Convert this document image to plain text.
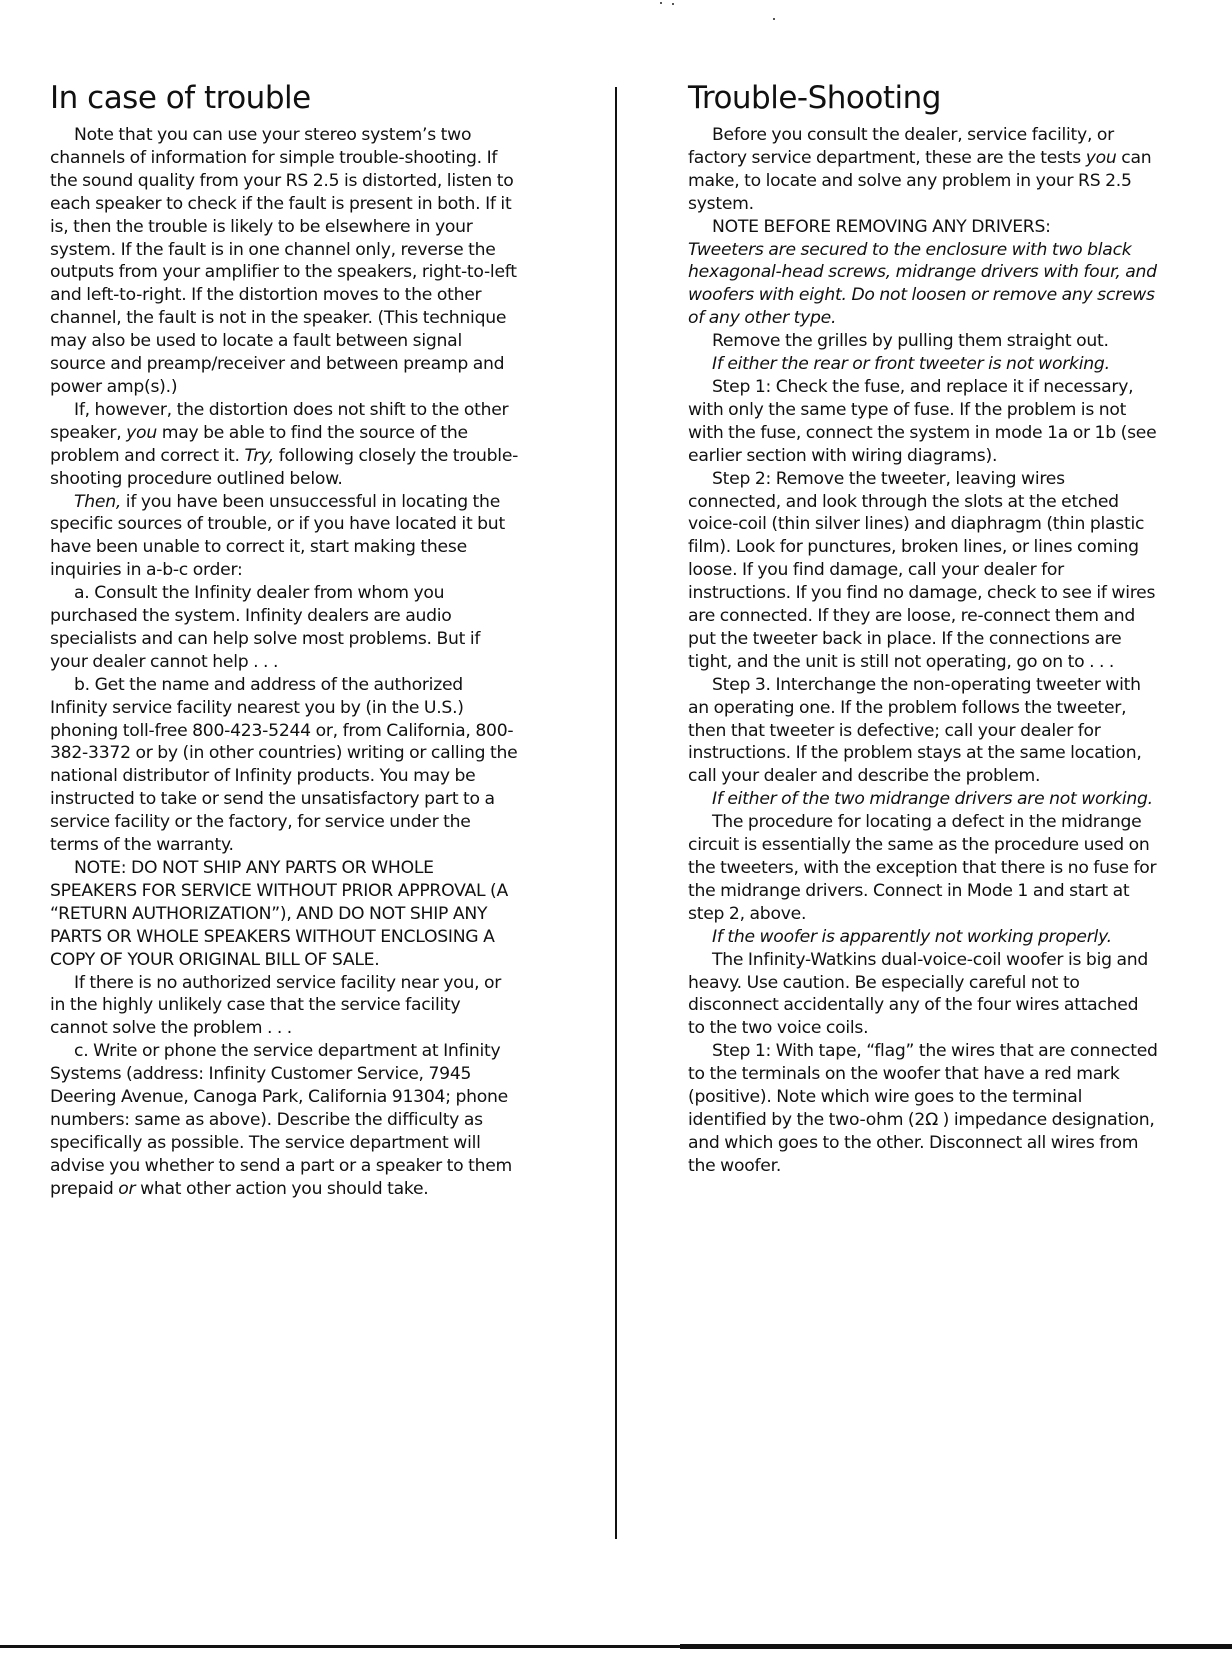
In case of trouble

Note that you can use your stereo system’s two channels of information for simple trouble-shooting. If the sound quality from your RS 2.5 is distorted, listen to each speaker to check if the fault is present in both. If it is, then the trouble is likely to be elsewhere in your system. If the fault is in one channel only, reverse the outputs from your amplifier to the speakers, right-to-left and left-to-right. If the distortion moves to the other channel, the fault is not in the speaker. (This technique may also be used to locate a fault between signal source and preamp/receiver and between preamp and power amp(s).)

If, however, the distortion does not shift to the other speaker, you may be able to find the source of the problem and correct it. Try, following closely the trouble-shooting procedure outlined below.

Then, if you have been unsuccessful in locating the specific sources of trouble, or if you have located it but have been unable to correct it, start making these inquiries in a-b-c order:

a. Consult the Infinity dealer from whom you purchased the system. Infinity dealers are audio specialists and can help solve most problems. But if your dealer cannot help . . .

b. Get the name and address of the authorized Infinity service facility nearest you by (in the U.S.) phoning toll-free 800-423-5244 or, from California, 800-382-3372 or by (in other countries) writing or calling the national distributor of Infinity products. You may be instructed to take or send the unsatisfactory part to a service facility or the factory, for service under the terms of the warranty.

NOTE: DO NOT SHIP ANY PARTS OR WHOLE SPEAKERS FOR SERVICE WITHOUT PRIOR APPROVAL (A “RETURN AUTHORIZATION”), AND DO NOT SHIP ANY PARTS OR WHOLE SPEAKERS WITHOUT ENCLOSING A COPY OF YOUR ORIGINAL BILL OF SALE.

If there is no authorized service facility near you, or in the highly unlikely case that the service facility cannot solve the problem . . .

c. Write or phone the service department at Infinity Systems (address: Infinity Customer Service, 7945 Deering Avenue, Canoga Park, California 91304; phone numbers: same as above). Describe the difficulty as specifically as possible. The service department will advise you whether to send a part or a speaker to them prepaid or what other action you should take.

Trouble-Shooting

Before you consult the dealer, service facility, or factory service department, these are the tests you can make, to locate and solve any problem in your RS 2.5 system.

NOTE BEFORE REMOVING ANY DRIVERS:

Tweeters are secured to the enclosure with two black hexagonal-head screws, midrange drivers with four, and woofers with eight. Do not loosen or remove any screws of any other type.

Remove the grilles by pulling them straight out.

If either the rear or front tweeter is not working.

Step 1: Check the fuse, and replace it if necessary, with only the same type of fuse. If the problem is not with the fuse, connect the system in mode 1a or 1b (see earlier section with wiring diagrams).

Step 2: Remove the tweeter, leaving wires connected, and look through the slots at the etched voice-coil (thin silver lines) and diaphragm (thin plastic film). Look for punctures, broken lines, or lines coming loose. If you find damage, call your dealer for instructions. If you find no damage, check to see if wires are connected. If they are loose, re-connect them and put the tweeter back in place. If the connections are tight, and the unit is still not operating, go on to . . .

Step 3. Interchange the non-operating tweeter with an operating one. If the problem follows the tweeter, then that tweeter is defective; call your dealer for instructions. If the problem stays at the same location, call your dealer and describe the problem.

If either of the two midrange drivers are not working.

The procedure for locating a defect in the midrange circuit is essentially the same as the procedure used on the tweeters, with the exception that there is no fuse for the midrange drivers. Connect in Mode 1 and start at step 2, above.

If the woofer is apparently not working properly.

The Infinity-Watkins dual-voice-coil woofer is big and heavy. Use caution. Be especially careful not to disconnect accidentally any of the four wires attached to the two voice coils.

Step 1: With tape, “flag” the wires that are connected to the terminals on the woofer that have a red mark (positive). Note which wire goes to the terminal identified by the two-ohm (2Ω ) impedance designation, and which goes to the other. Disconnect all wires from the woofer.
